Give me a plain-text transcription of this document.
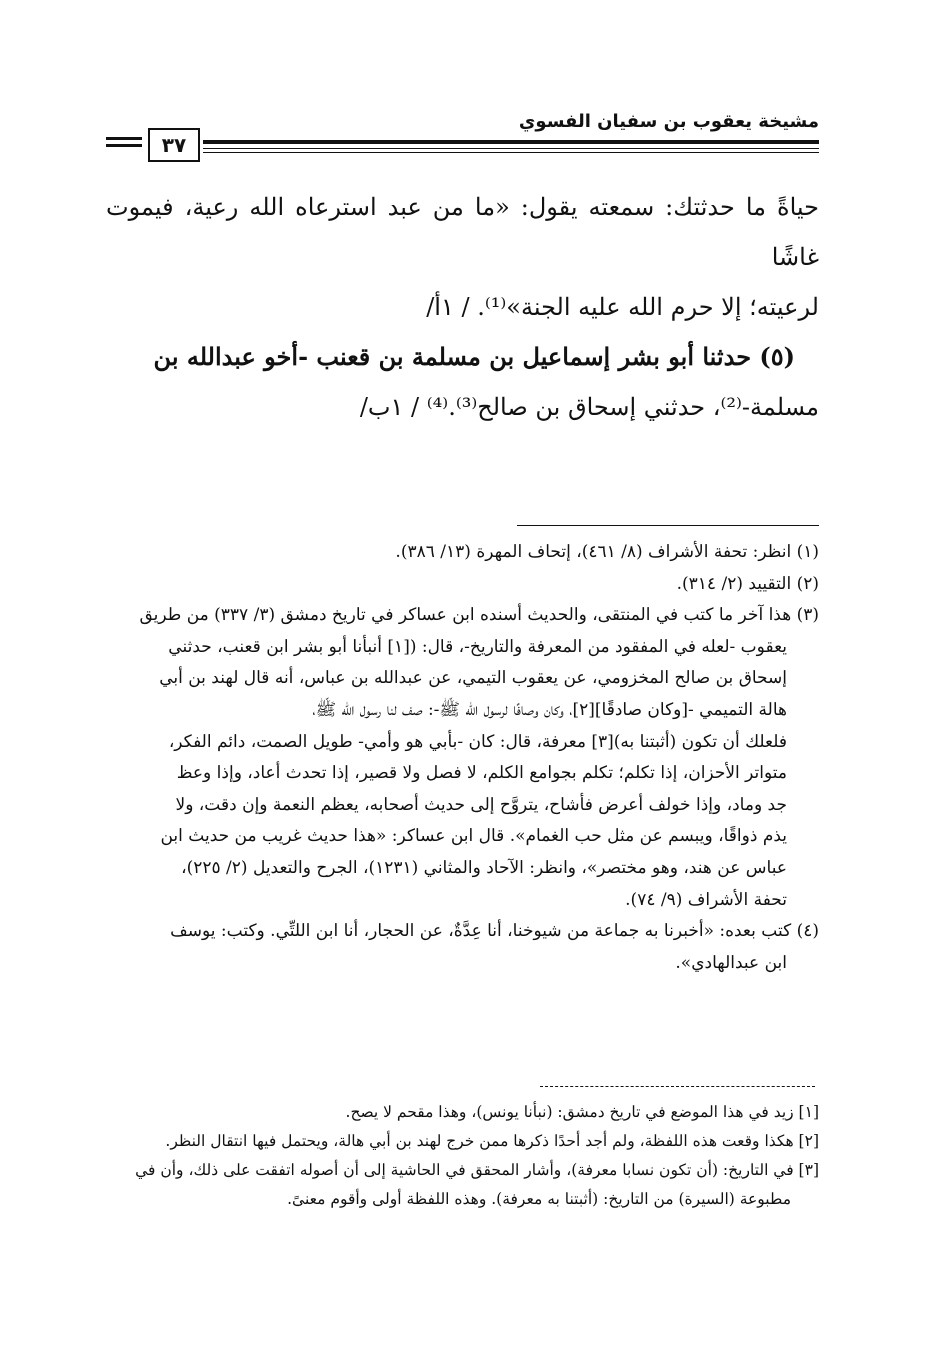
مشيخة يعقوب بن سفيان الفسوي
٣٧

حياةً ما حدثتك: سمعته يقول: «ما من عبد استرعاه الله رعية، فيموت غاشًا

لرعيته؛ إلا حرم الله عليه الجنة»⁽¹⁾. / ١أ/

(٥) حدثنا أبو بشر إسماعيل بن مسلمة بن قعنب -أخو عبدالله بن

مسلمة-⁽²⁾، حدثني إسحاق بن صالح⁽³⁾.⁽⁴⁾ / ١ب/

(١) انظر: تحفة الأشراف (٨/ ٤٦١)، إتحاف المهرة (١٣/ ٣٨٦).

(٢) التقييد (٢/ ٣١٤).

(٣) هذا آخر ما كتب في المنتقى، والحديث أسنده ابن عساكر في تاريخ دمشق (٣/ ٣٣٧) من طريق

يعقوب -لعله في المفقود من المعرفة والتاريخ-، قال: ([١] أنبأنا أبو بشر ابن قعنب، حدثني

إسحاق بن صالح المخزومي، عن يعقوب التيمي، عن عبدالله بن عباس، أنه قال لهند بن أبي

هالة التميمي -[وكان صادقًا][٢]، وكان وصافًا لرسول الله ﷺ-: صف لنا رسول الله ﷺ،

فلعلك أن تكون (أثبتنا به)[٣] معرفة، قال: كان -بأبي هو وأمي- طويل الصمت، دائم الفكر،

متواتر الأحزان، إذا تكلم؛ تكلم بجوامع الكلم، لا فصل ولا قصير، إذا تحدث أعاد، وإذا وعظ

جد وماد، وإذا خولف أعرض فأشاح، يتروَّح إلى حديث أصحابه، يعظم النعمة وإن دقت، ولا

يذم ذواقًا، ويبسم عن مثل حب الغمام». قال ابن عساكر: «هذا حديث غريب من حديث ابن

عباس عن هند، وهو مختصر»، وانظر: الآحاد والمثاني (١٢٣١)، الجرح والتعديل (٢/ ٢٢٥)،

تحفة الأشراف (٩/ ٧٤).

(٤) كتب بعده: «أخبرنا به جماعة من شيوخنا، أنا عِدَّةٌ، عن الحجار، أنا ابن اللتِّي. وكتب: يوسف

ابن عبدالهادي».

[١] زيد في هذا الموضع في تاريخ دمشق: (نبأنا يونس)، وهذا مقحم لا يصح.

[٢] هكذا وقعت هذه اللفظة، ولم أجد أحدًا ذكرها ممن خرج لهند بن أبي هالة، ويحتمل فيها انتقال النظر.

[٣] في التاريخ: (أن تكون نسابا معرفة)، وأشار المحقق في الحاشية إلى أن أصوله اتفقت على ذلك، وأن في

مطبوعة (السيرة) من التاريخ: (أثبتنا به معرفة). وهذه اللفظة أولى وأقوم معنىً.
